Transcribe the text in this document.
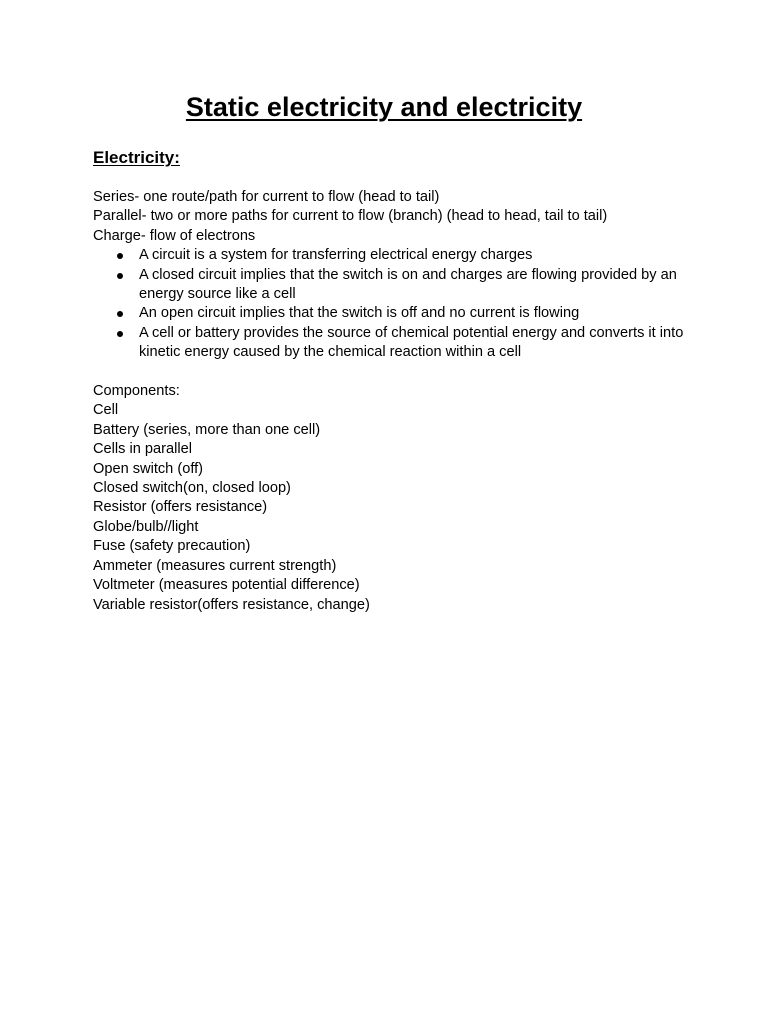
Static electricity and electricity
Electricity:
Series- one route/path for current to flow (head to tail)
Parallel- two or more paths for current to flow (branch) (head to head, tail to tail)
Charge- flow of electrons
A circuit is a system for transferring electrical energy charges
A closed circuit implies that the switch is on and charges are flowing provided by an energy source like a cell
An open circuit implies that the switch is off and no current is flowing
A cell or battery provides the source of chemical potential energy and converts it into kinetic energy caused by the chemical reaction within a cell
Components:
Cell
Battery (series, more than one cell)
Cells in parallel
Open switch (off)
Closed switch(on, closed loop)
Resistor (offers resistance)
Globe/bulb//light
Fuse (safety precaution)
Ammeter (measures current strength)
Voltmeter (measures potential difference)
Variable resistor(offers resistance, change)
